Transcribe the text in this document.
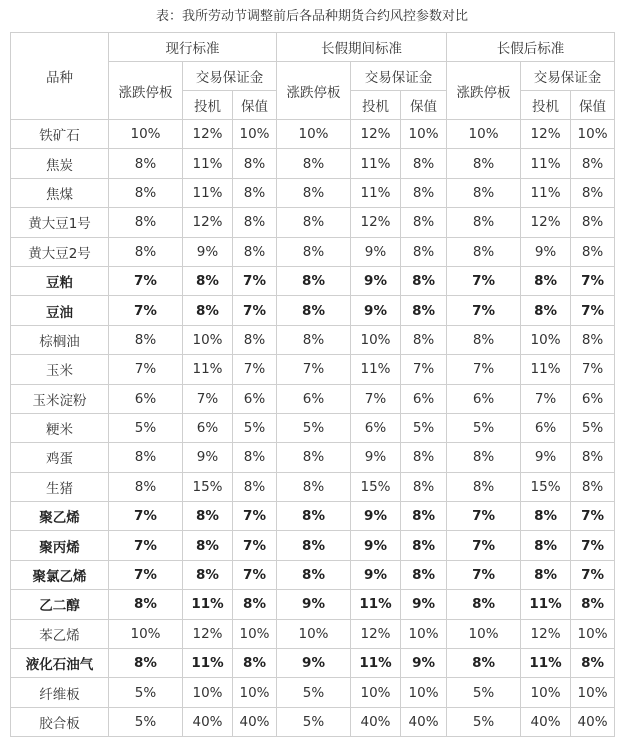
表：我所劳动节调整前后各品种期货合约风控参数对比
品种	现行标准			长假期间标准			长假后标准		
	涨跌停板	交易保证金		涨跌停板	交易保证金		涨跌停板	交易保证金	
		投机	保值		投机	保值		投机	保值
铁矿石	10%	12%	10%	10%	12%	10%	10%	12%	10%
焦炭	8%	11%	8%	8%	11%	8%	8%	11%	8%
焦煤	8%	11%	8%	8%	11%	8%	8%	11%	8%
黄大豆1号	8%	12%	8%	8%	12%	8%	8%	12%	8%
黄大豆2号	8%	9%	8%	8%	9%	8%	8%	9%	8%
豆粕	7%	8%	7%	8%	9%	8%	7%	8%	7%
豆油	7%	8%	7%	8%	9%	8%	7%	8%	7%
棕榈油	8%	10%	8%	8%	10%	8%	8%	10%	8%
玉米	7%	11%	7%	7%	11%	7%	7%	11%	7%
玉米淀粉	6%	7%	6%	6%	7%	6%	6%	7%	6%
粳米	5%	6%	5%	5%	6%	5%	5%	6%	5%
鸡蛋	8%	9%	8%	8%	9%	8%	8%	9%	8%
生猪	8%	15%	8%	8%	15%	8%	8%	15%	8%
聚乙烯	7%	8%	7%	8%	9%	8%	7%	8%	7%
聚丙烯	7%	8%	7%	8%	9%	8%	7%	8%	7%
聚氯乙烯	7%	8%	7%	8%	9%	8%	7%	8%	7%
乙二醇	8%	11%	8%	9%	11%	9%	8%	11%	8%
苯乙烯	10%	12%	10%	10%	12%	10%	10%	12%	10%
液化石油气	8%	11%	8%	9%	11%	9%	8%	11%	8%
纤维板	5%	10%	10%	5%	10%	10%	5%	10%	10%
胶合板	5%	40%	40%	5%	40%	40%	5%	40%	40%
